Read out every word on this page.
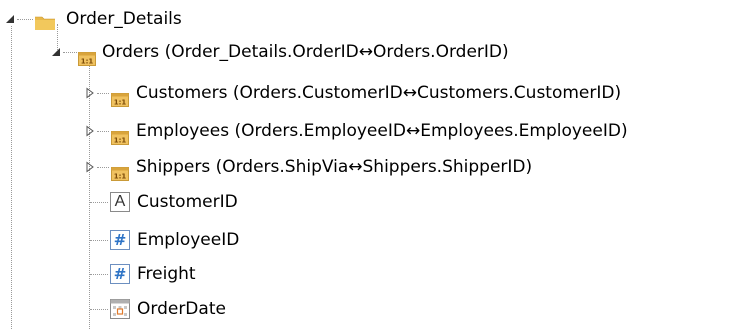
Order_Details
1:1 Orders (Order_Details.OrderID↔Orders.OrderID)
1:1 Customers (Orders.CustomerID↔Customers.CustomerID)
1:1 Employees (Orders.EmployeeID↔Employees.EmployeeID)
1:1 Shippers (Orders.ShipVia↔Shippers.ShipperID)
A CustomerID
# EmployeeID
# Freight
OrderDate
